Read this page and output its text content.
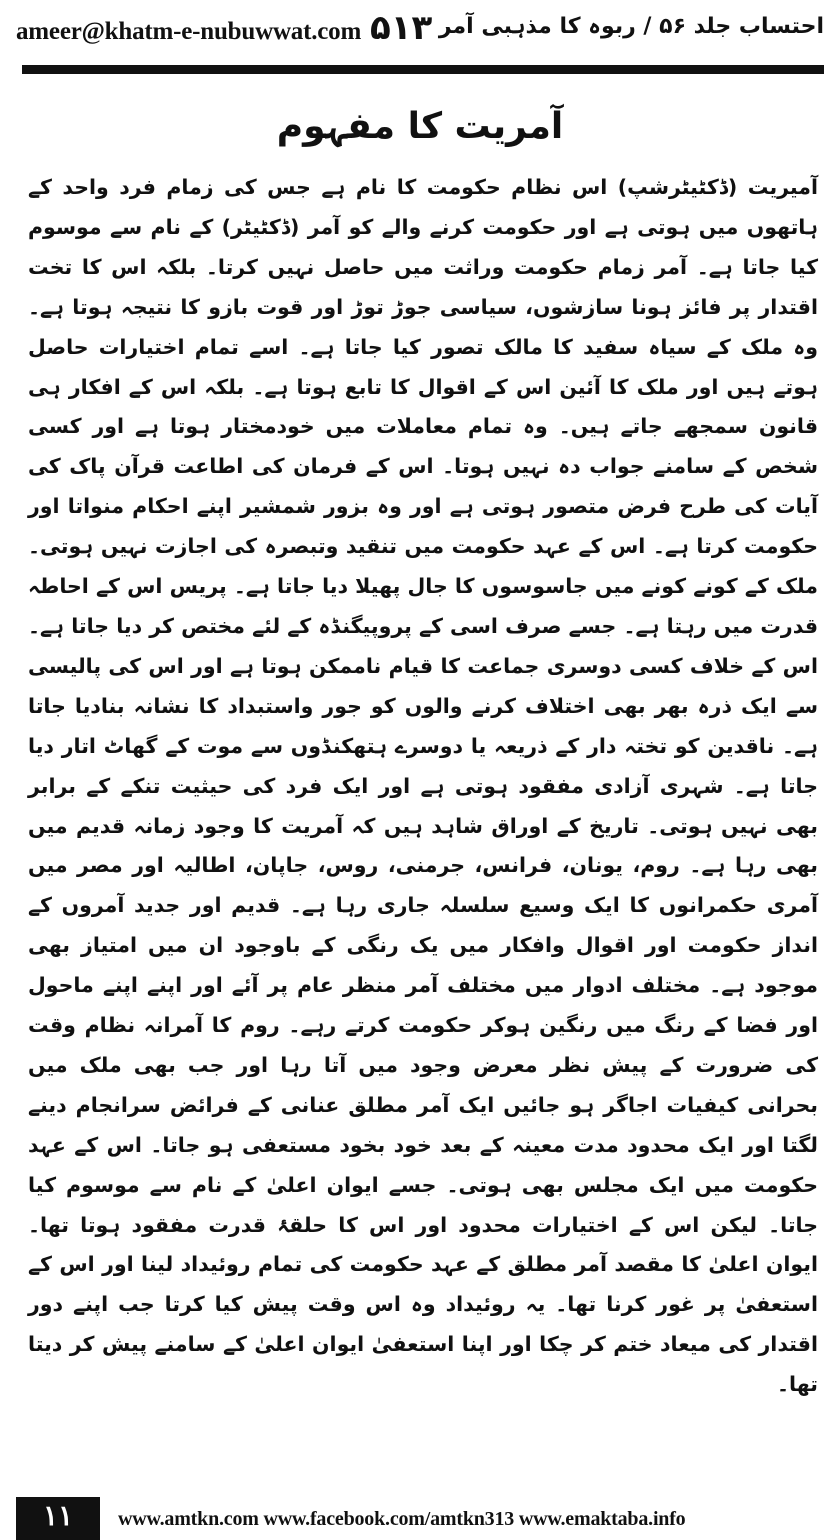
ameer@khatm-e-nubuwwat.com ۵۱۳ احتساب جلد ۵۶ / ربوہ کا مذہبی آمر
آمریت کا مفہوم
آمیریت (ڈکٹیٹرشپ) اس نظام حکومت کا نام ہے جس کی زمام فرد واحد کے ہاتھوں میں ہوتی ہے اور حکومت کرنے والے کو آمر (ڈکٹیٹر) کے نام سے موسوم کیا جاتا ہے۔ آمر زمام حکومت وراثت میں حاصل نہیں کرتا۔ بلکہ اس کا تخت اقتدار پر فائز ہونا سازشوں، سیاسی جوڑ توڑ اور قوت بازو کا نتیجہ ہوتا ہے۔ وہ ملک کے سیاہ سفید کا مالک تصور کیا جاتا ہے۔ اسے تمام اختیارات حاصل ہوتے ہیں اور ملک کا آئین اس کے اقوال کا تابع ہوتا ہے۔ بلکہ اس کے افکار ہی قانون سمجھے جاتے ہیں۔ وہ تمام معاملات میں خودمختار ہوتا ہے اور کسی شخص کے سامنے جواب دہ نہیں ہوتا۔ اس کے فرمان کی اطاعت قرآن پاک کی آیات کی طرح فرض متصور ہوتی ہے اور وہ بزور شمشیر اپنے احکام منواتا اور حکومت کرتا ہے۔ اس کے عہد حکومت میں تنقید وتبصرہ کی اجازت نہیں ہوتی۔ ملک کے کونے کونے میں جاسوسوں کا جال پھیلا دیا جاتا ہے۔ پریس اس کے احاطہ قدرت میں رہتا ہے۔ جسے صرف اسی کے پروپیگنڈہ کے لئے مختص کر دیا جاتا ہے۔ اس کے خلاف کسی دوسری جماعت کا قیام ناممکن ہوتا ہے اور اس کی پالیسی سے ایک ذرہ بھر بھی اختلاف کرنے والوں کو جور واستبداد کا نشانہ بنادیا جاتا ہے۔ ناقدین کو تختہ دار کے ذریعہ یا دوسرے ہتھکنڈوں سے موت کے گھاٹ اتار دیا جاتا ہے۔ شہری آزادی مفقود ہوتی ہے اور ایک فرد کی حیثیت تنکے کے برابر بھی نہیں ہوتی۔ تاریخ کے اوراق شاہد ہیں کہ آمریت کا وجود زمانہ قدیم میں بھی رہا ہے۔ روم، یونان، فرانس، جرمنی، روس، جاپان، اطالیہ اور مصر میں آمری حکمرانوں کا ایک وسیع سلسلہ جاری رہا ہے۔ قدیم اور جدید آمروں کے انداز حکومت اور اقوال وافکار میں یک رنگی کے باوجود ان میں امتیاز بھی موجود ہے۔ مختلف ادوار میں مختلف آمر منظر عام پر آئے اور اپنے اپنے ماحول اور فضا کے رنگ میں رنگین ہوکر حکومت کرتے رہے۔ روم کا آمرانہ نظام وقت کی ضرورت کے پیش نظر معرض وجود میں آتا رہا اور جب بھی ملک میں بحرانی کیفیات اجاگر ہو جائیں ایک آمر مطلق عنانی کے فرائض سرانجام دینے لگتا اور ایک محدود مدت معینہ کے بعد خود بخود مستعفی ہو جاتا۔ اس کے عہد حکومت میں ایک مجلس بھی ہوتی۔ جسے ایوان اعلیٰ کے نام سے موسوم کیا جاتا۔ لیکن اس کے اختیارات محدود اور اس کا حلقۂ قدرت مفقود ہوتا تھا۔ ایوان اعلیٰ کا مقصد آمر مطلق کے عہد حکومت کی تمام روئیداد لینا اور اس کے استعفیٰ پر غور کرنا تھا۔ یہ روئیداد وہ اس وقت پیش کیا کرتا جب اپنے دور اقتدار کی میعاد ختم کر چکا اور اپنا استعفیٰ ایوان اعلیٰ کے سامنے پیش کر دیتا تھا۔
۱۱	www.amtkn.com www.facebook.com/amtkn313 www.emaktaba.info
